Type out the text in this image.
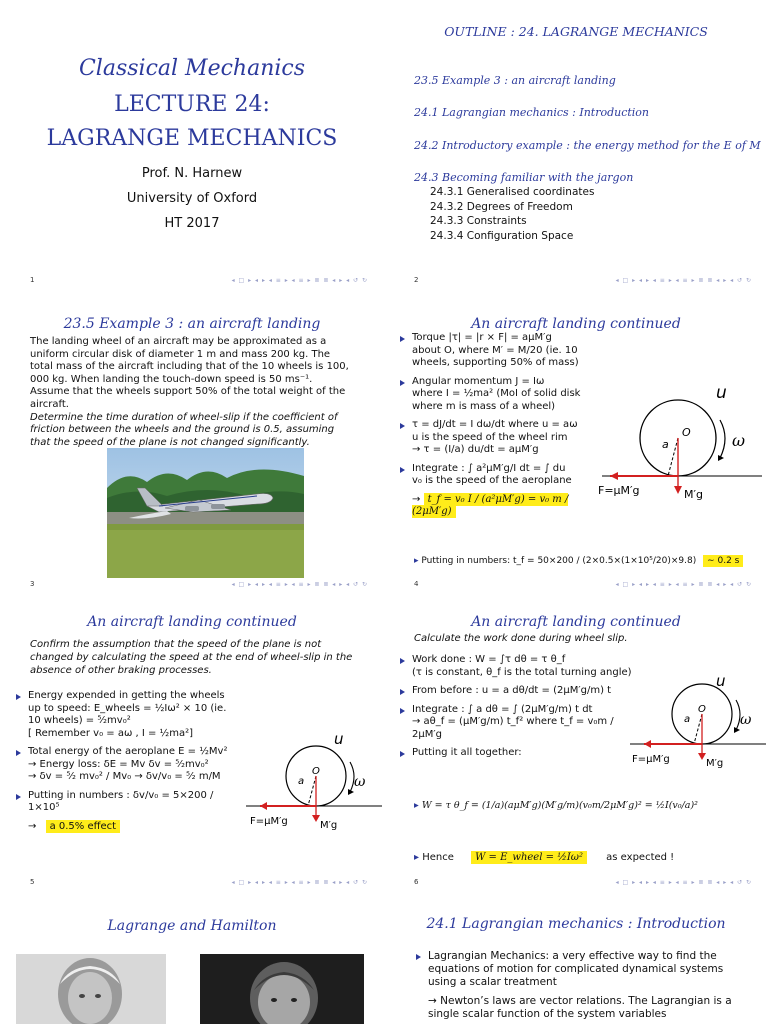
Classical Mechanics
LECTURE 24:
LAGRANGE MECHANICS
Prof. N. Harnew
University of Oxford
HT 2017
1	◂ □ ▸ ◂ ▸ ◂ ≡ ▸ ◂ ≡ ▸ ≣ ≣ ◂ ▸ ◂ ↺ ↻
OUTLINE : 24. LAGRANGE MECHANICS
23.5 Example 3 : an aircraft landing
24.1 Lagrangian mechanics : Introduction
24.2 Introductory example : the energy method for the E of M
24.3 Becoming familiar with the jargon
24.3.1 Generalised coordinates
24.3.2 Degrees of Freedom
24.3.3 Constraints
24.3.4 Configuration Space
2	◂ □ ▸ ◂ ▸ ◂ ≡ ▸ ◂ ≡ ▸ ≣ ≣ ◂ ▸ ◂ ↺ ↻
23.5 Example 3 : an aircraft landing

The landing wheel of an aircraft may be approximated as a uniform circular disk of diameter 1 m and mass 200 kg. The total mass of the aircraft including that of the 10 wheels is 100, 000 kg. When landing the touch-down speed is 50 ms⁻¹. Assume that the wheels support 50% of the total weight of the aircraft.

Determine the time duration of wheel-slip if the coefficient of friction between the wheels and the ground is 0.5, assuming that the speed of the plane is not changed significantly.

3	◂ □ ▸ ◂ ▸ ◂ ≡ ▸ ◂ ≡ ▸ ≣ ≣ ◂ ▸ ◂ ↺ ↻
An aircraft landing continued
Torque |τ| = |r × F| = aμM′g
about O, where M′ = M/20 (ie. 10 wheels, supporting 50% of mass)
Angular momentum J = Iω
where I = ½ma² (MoI of solid disk where m is mass of a wheel)
τ = dJ/dt = I dω/dt where u = aω
u is the speed of the wheel rim
→ τ = (I/a) du/dt = aμM′g
Integrate : ∫ a²μM′g/I dt = ∫ du
v₀ is the speed of the aeroplane
→ t_f = v₀ I / (a²μM′g) = v₀ m / (2μM′g)
▸ Putting in numbers: t_f = 50×200 / (2×0.5×(1×10⁵/20)×9.8) ∼ 0.2 s
u
ω
a
O
F=μM′g	M′g
4	◂ □ ▸ ◂ ▸ ◂ ≡ ▸ ◂ ≡ ▸ ≣ ≣ ◂ ▸ ◂ ↺ ↻
An aircraft landing continued
Confirm the assumption that the speed of the plane is not changed by calculating the speed at the end of wheel-slip in the absence of other braking processes.
Energy expended in getting the wheels up to speed: E_wheels = ½Iω² × 10 (ie. 10 wheels) = ⁵⁄₂mv₀²
[ Remember v₀ = aω , I = ½ma²]
Total energy of the aeroplane E = ½Mv²
→ Energy loss: δE = Mv δv = ⁵⁄₂mv₀²
→ δv = ⁵⁄₂ mv₀² / Mv₀ → δv/v₀ = ⁵⁄₂ m/M
Putting in numbers : δv/v₀ = 5×200 / 1×10⁵
→ a 0.5% effect
u
ω
a
O
F=μM′g	M′g
5	◂ □ ▸ ◂ ▸ ◂ ≡ ▸ ◂ ≡ ▸ ≣ ≣ ◂ ▸ ◂ ↺ ↻
An aircraft landing continued
Calculate the work done during wheel slip.
Work done : W = ∫τ dθ = τ θ_f
(τ is constant, θ_f is the total turning angle)
From before : u = a dθ/dt = (2μM′g/m) t
Integrate : ∫ a dθ = ∫ (2μM′g/m) t dt
→ aθ_f = (μM′g/m) t_f² where t_f = v₀m / 2μM′g
Putting it all together:
▸ W = τ θ_f = (1/a)(aμM′g)(M′g/m)(v₀m/2μM′g)² = ½I(v₀/a)²
▸ Hence W = E_wheel = ½Iω² as expected !
u
ω
a
O
F=μM′g	M′g
6	◂ □ ▸ ◂ ▸ ◂ ≡ ▸ ◂ ≡ ▸ ≣ ≣ ◂ ▸ ◂ ↺ ↻
Lagrange and Hamilton	24.1 Lagrangian mechanics : Introduction
Lagrangian Mechanics: a very effective way to find the equations of motion for complicated dynamical systems using a scalar treatment
→ Newton’s laws are vector relations. The Lagrangian is a single scalar function of the system variables
